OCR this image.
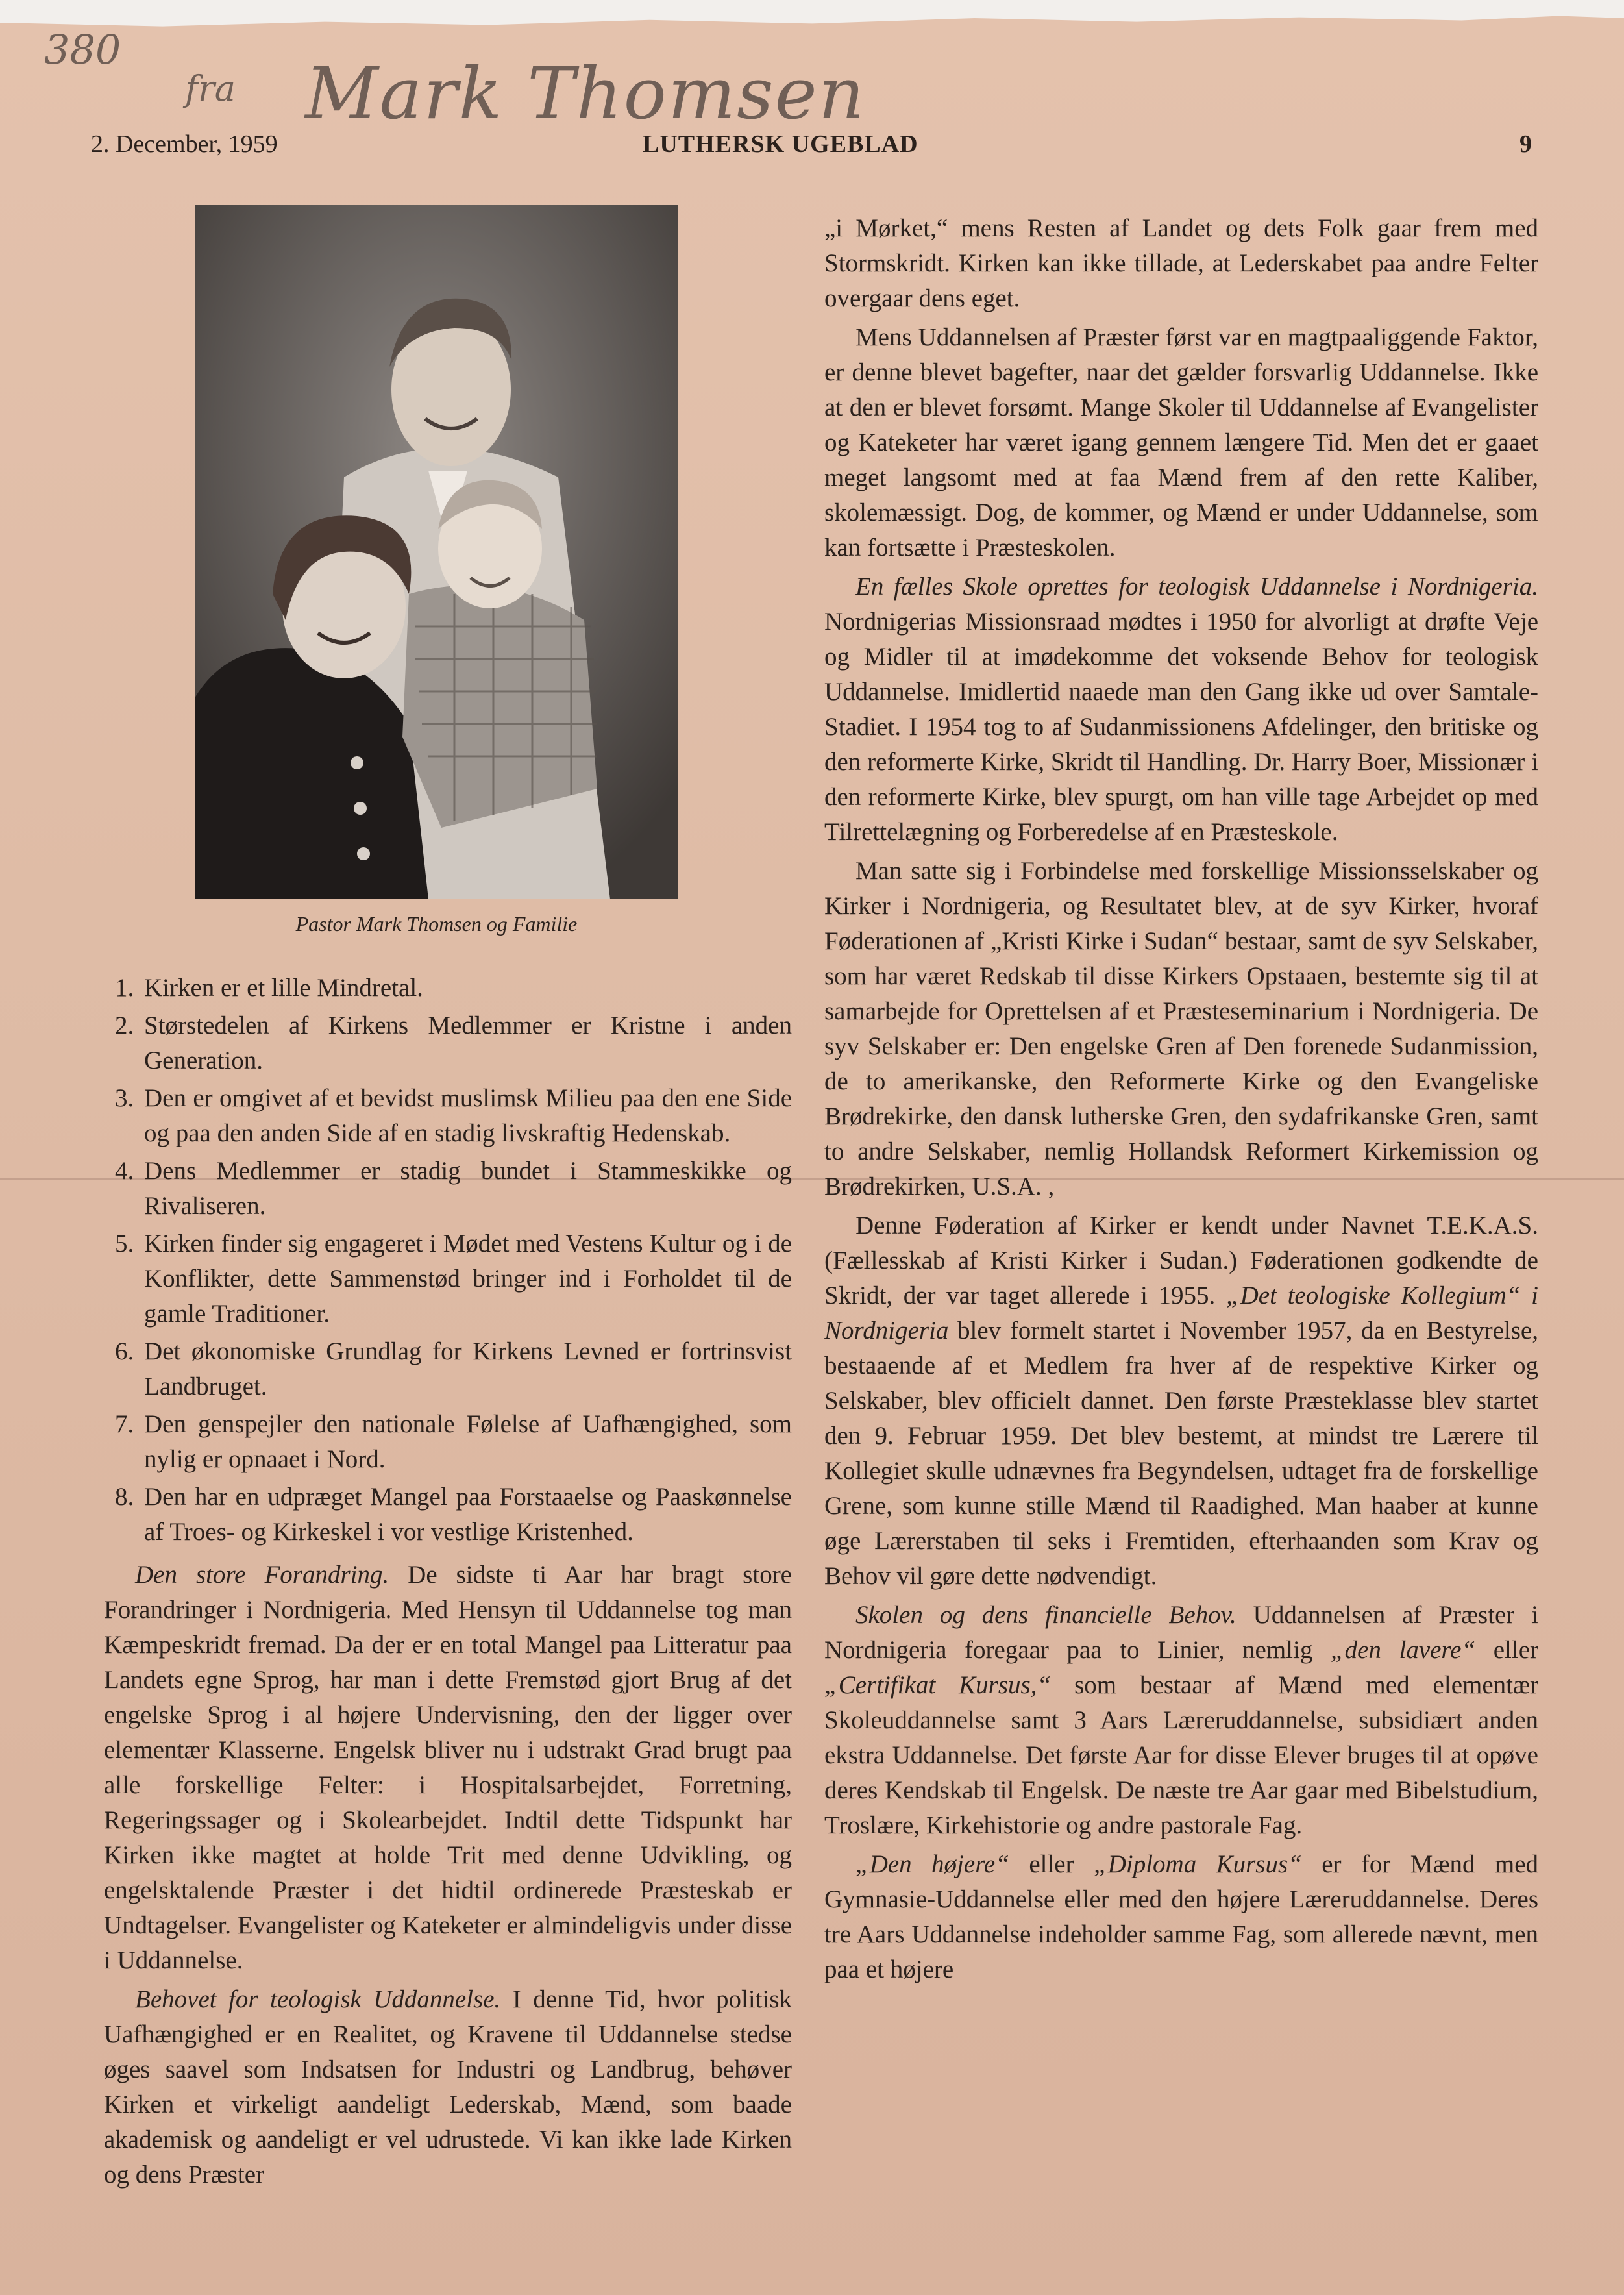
380
fra Mark Thomsen
2. December, 1959	LUTHERSK UGEBLAD	9
Pastor Mark Thomsen og Familie
1. Kirken er et lille Mindretal.
2. Størstedelen af Kirkens Medlemmer er Kristne i anden Generation.
3. Den er omgivet af et bevidst muslimsk Milieu paa den ene Side og paa den anden Side af en stadig livskraftig Hedenskab.
4. Dens Medlemmer er stadig bundet i Stammeskikke og Rivaliseren.
5. Kirken finder sig engageret i Mødet med Vestens Kultur og i de Konflikter, dette Sammenstød bringer ind i Forholdet til de gamle Traditioner.
6. Det økonomiske Grundlag for Kirkens Levned er fortrinsvist Landbruget.
7. Den genspejler den nationale Følelse af Uafhængighed, som nylig er opnaaet i Nord.
8. Den har en udpræget Mangel paa Forstaaelse og Paaskønnelse af Troes- og Kirkeskel i vor vestlige Kristenhed.

Den store Forandring. De sidste ti Aar har bragt store Forandringer i Nordnigeria. Med Hensyn til Uddannelse tog man Kæmpeskridt fremad. Da der er en total Mangel paa Litteratur paa Landets egne Sprog, har man i dette Fremstød gjort Brug af det engelske Sprog i al højere Undervisning, den der ligger over elementær Klasserne. Engelsk bliver nu i udstrakt Grad brugt paa alle forskellige Felter: i Hospitalsarbejdet, Forretning, Regeringssager og i Skolearbejdet. Indtil dette Tidspunkt har Kirken ikke magtet at holde Trit med denne Udvikling, og engelsktalende Præster i det hidtil ordinerede Præsteskab er Undtagelser. Evangelister og Kateketer er almindeligvis under disse i Uddannelse.

Behovet for teologisk Uddannelse. I denne Tid, hvor politisk Uafhængighed er en Realitet, og Kravene til Uddannelse stedse øges saavel som Indsatsen for Industri og Landbrug, behøver Kirken et virkeligt aandeligt Lederskab, Mænd, som baade akademisk og aandeligt er vel udrustede. Vi kan ikke lade Kirken og dens Præster

„i Mørket,“ mens Resten af Landet og dets Folk gaar frem med Stormskridt. Kirken kan ikke tillade, at Lederskabet paa andre Felter overgaar dens eget.

Mens Uddannelsen af Præster først var en magtpaaliggende Faktor, er denne blevet bagefter, naar det gælder forsvarlig Uddannelse. Ikke at den er blevet forsømt. Mange Skoler til Uddannelse af Evangelister og Kateketer har været igang gennem længere Tid. Men det er gaaet meget langsomt med at faa Mænd frem af den rette Kaliber, skolemæssigt. Dog, de kommer, og Mænd er under Uddannelse, som kan fortsætte i Præsteskolen.

En fælles Skole oprettes for teologisk Uddannelse i Nordnigeria. Nordnigerias Missionsraad mødtes i 1950 for alvorligt at drøfte Veje og Midler til at imødekomme det voksende Behov for teologisk Uddannelse. Imidlertid naaede man den Gang ikke ud over Samtale-Stadiet. I 1954 tog to af Sudanmissionens Afdelinger, den britiske og den reformerte Kirke, Skridt til Handling. Dr. Harry Boer, Missionær i den reformerte Kirke, blev spurgt, om han ville tage Arbejdet op med Tilrettelægning og Forberedelse af en Præsteskole.

Man satte sig i Forbindelse med forskellige Missionsselskaber og Kirker i Nordnigeria, og Resultatet blev, at de syv Kirker, hvoraf Føderationen af „Kristi Kirke i Sudan“ bestaar, samt de syv Selskaber, som har været Redskab til disse Kirkers Opstaaen, bestemte sig til at samarbejde for Oprettelsen af et Præsteseminarium i Nordnigeria. De syv Selskaber er: Den engelske Gren af Den forenede Sudanmission, de to amerikanske, den Reformerte Kirke og den Evangeliske Brødrekirke, den dansk lutherske Gren, den sydafrikanske Gren, samt to andre Selskaber, nemlig Hollandsk Reformert Kirkemission og Brødrekirken, U.S.A. ,

Denne Føderation af Kirker er kendt under Navnet T.E.K.A.S. (Fællesskab af Kristi Kirker i Sudan.) Føderationen godkendte de Skridt, der var taget allerede i 1955. „Det teologiske Kollegium“ i Nordnigeria blev formelt startet i November 1957, da en Bestyrelse, bestaaende af et Medlem fra hver af de respektive Kirker og Selskaber, blev officielt dannet. Den første Præsteklasse blev startet den 9. Februar 1959. Det blev bestemt, at mindst tre Lærere til Kollegiet skulle udnævnes fra Begyndelsen, udtaget fra de forskellige Grene, som kunne stille Mænd til Raadighed. Man haaber at kunne øge Lærerstaben til seks i Fremtiden, efterhaanden som Krav og Behov vil gøre dette nødvendigt.

Skolen og dens financielle Behov. Uddannelsen af Præster i Nordnigeria foregaar paa to Linier, nemlig „den lavere“ eller „Certifikat Kursus,“ som bestaar af Mænd med elementær Skoleuddannelse samt 3 Aars Læreruddannelse, subsidiært anden ekstra Uddannelse. Det første Aar for disse Elever bruges til at opøve deres Kendskab til Engelsk. De næste tre Aar gaar med Bibelstudium, Troslære, Kirkehistorie og andre pastorale Fag.

„Den højere“ eller „Diploma Kursus“ er for Mænd med Gymnasie-Uddannelse eller med den højere Læreruddannelse. Deres tre Aars Uddannelse indeholder samme Fag, som allerede nævnt, men paa et højere
